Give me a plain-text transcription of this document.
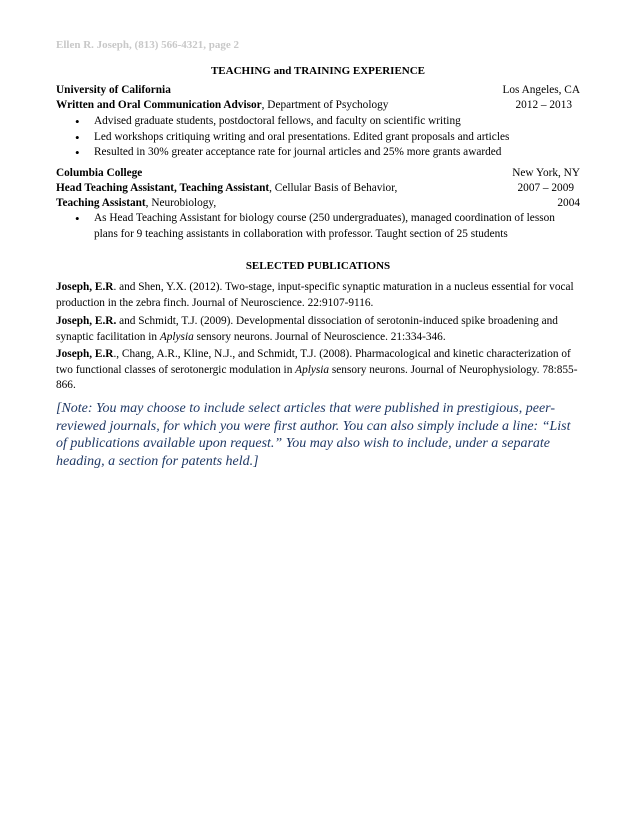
Ellen R. Joseph, (813) 566-4321, page 2
TEACHING and TRAINING EXPERIENCE
University of California	Los Angeles, CA
Written and Oral Communication Advisor, Department of Psychology	2012 – 2013
• Advised graduate students, postdoctoral fellows, and faculty on scientific writing
• Led workshops critiquing writing and oral presentations. Edited grant proposals and articles
• Resulted in 30% greater acceptance rate for journal articles and 25% more grants awarded
Columbia College	New York, NY
Head Teaching Assistant, Teaching Assistant, Cellular Basis of Behavior,	2007 – 2009
Teaching Assistant, Neurobiology,	2004
• As Head Teaching Assistant for biology course (250 undergraduates), managed coordination of lesson plans for 9 teaching assistants in collaboration with professor. Taught section of 25 students
SELECTED PUBLICATIONS
Joseph, E.R. and Shen, Y.X. (2012). Two-stage, input-specific synaptic maturation in a nucleus essential for vocal production in the zebra finch. Journal of Neuroscience. 22:9107-9116.
Joseph, E.R. and Schmidt, T.J. (2009). Developmental dissociation of serotonin-induced spike broadening and synaptic facilitation in Aplysia sensory neurons. Journal of Neuroscience. 21:334-346.
Joseph, E.R., Chang, A.R., Kline, N.J., and Schmidt, T.J. (2008). Pharmacological and kinetic characterization of two functional classes of serotonergic modulation in Aplysia sensory neurons. Journal of Neurophysiology. 78:855-866.
[Note: You may choose to include select articles that were published in prestigious, peer-reviewed journals, for which you were first author. You can also simply include a line: “List of publications available upon request.” You may also wish to include, under a separate heading, a section for patents held.]
